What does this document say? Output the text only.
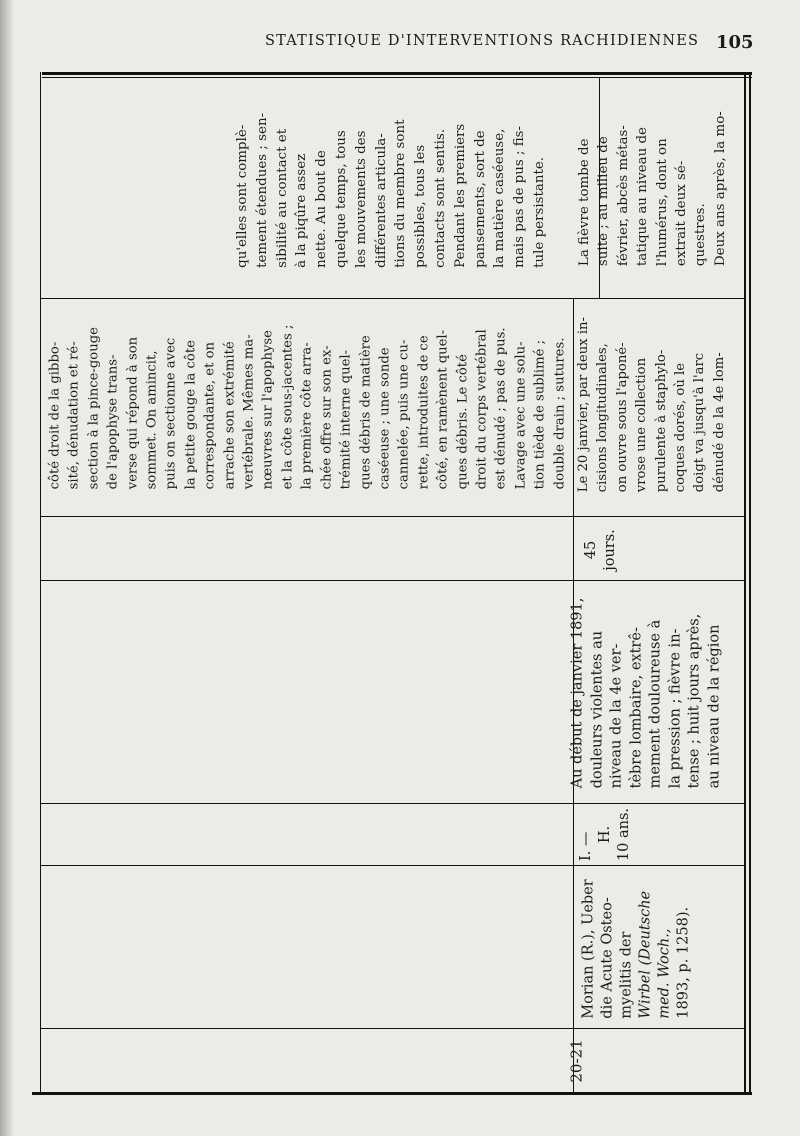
STATISTIQUE D'INTERVENTIONS RACHIDIENNES 105
20-21
Morian (R.), Ueber die Acute Osteo- myelitis der Wirbel (Deutsche med. Woch., 1893, p. 1258).
I. — H. 10 ans.
Au début de janvier 1891, douleurs violentes au niveau de la 4e ver- tèbre lombaire, extrê- mement douloureuse à la pression ; fièvre in- tense ; huit jours après, au niveau de la région
45 jours.
côté droit de la gibbo- sité, dénudation et ré- section à la pince-gouge de l'apophyse trans- verse qui répond à son sommet. On amincit, puis on sectionne avec la petite gouge la côte correspondante, et on arrache son extrémité vertébrale. Mêmes ma- nœuvres sur l'apophyse et la côte sous-jacentes ; la première côte arra- chée offre sur son ex- trémité interne quel- ques débris de matière caséeuse ; une sonde cannelée, puis une cu- rette, introduites de ce côté, en ramènent quel- ques débris. Le côté droit du corps vertébral est dénudé ; pas de pus. Lavage avec une solu- tion tiède de sublimé ; double drain ; sutures. Le 20 janvier, par deux in- cisions longitudinales, on ouvre sous l'aponé- vrose une collection purulente à staphylo- coques dorés, où le doigt va jusqu'à l'arc dénudé de la 4e lom-
qu'elles sont complè- tement étendues ; sen- sibilité au contact et à la piqûre assez nette. Au bout de quelque temps, tous les mouvements des différentes articula- tions du membre sont possibles, tous les contacts sont sentis. Pendant les premiers pansements, sort de la matière caséeuse, mais pas de pus ; fis- tule persistante. La fièvre tombe de suite ; au milieu de février, abcès métas- tatique au niveau de l'humérus, dont on extrait deux sé- questres. Deux ans après, la mo-
